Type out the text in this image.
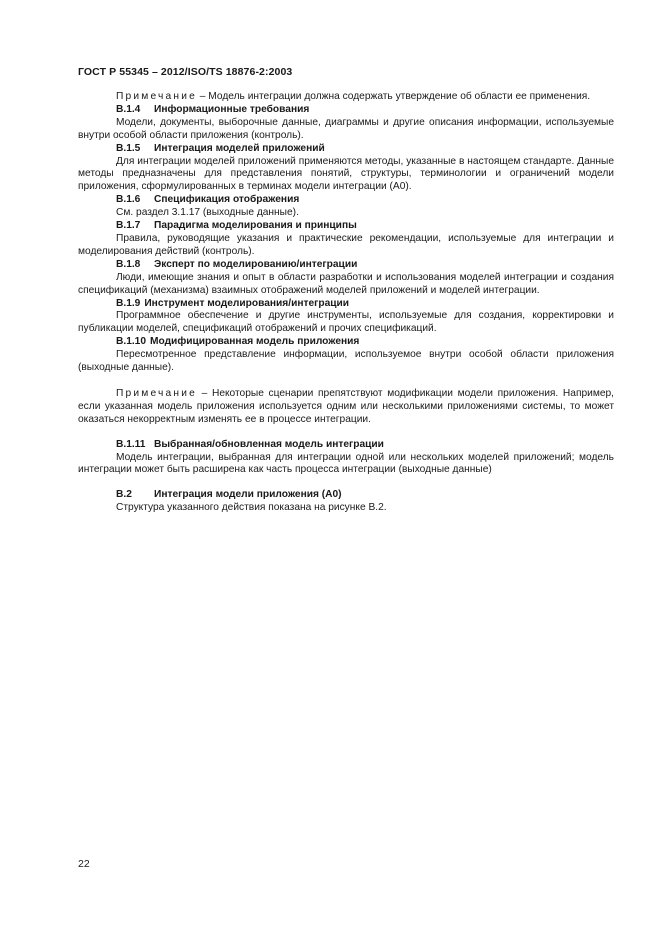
ГОСТ Р 55345 – 2012/ISO/TS 18876-2:2003

Примечание – Модель интеграции должна содержать утверждение об области ее применения.

В.1.4 Информационные требования

Модели, документы, выборочные данные, диаграммы и другие описания информации, используемые внутри особой области приложения (контроль).

В.1.5 Интеграция моделей приложений

Для интеграции моделей приложений применяются методы, указанные в настоящем стандарте. Данные методы предназначены для представления понятий, структуры, терминологии и ограничений модели приложения, сформулированных в терминах модели интеграции (А0).

В.1.6 Спецификация отображения

См. раздел 3.1.17 (выходные данные).

В.1.7 Парадигма моделирования и принципы

Правила, руководящие указания и практические рекомендации, используемые для интеграции и моделирования действий (контроль).

В.1.8 Эксперт по моделированию/интеграции

Люди, имеющие знания и опыт в области разработки и использования моделей интеграции и создания спецификаций (механизма) взаимных отображений моделей приложений и моделей интеграции.

В.1.9 Инструмент моделирования/интеграции

Программное обеспечение и другие инструменты, используемые для создания, корректировки и публикации моделей, спецификаций отображений и прочих спецификаций.

В.1.10 Модифицированная модель приложения

Пересмотренное представление информации, используемое внутри особой области приложения (выходные данные).

Примечание – Некоторые сценарии препятствуют модификации модели приложения. Например, если указанная модель приложения используется одним или несколькими приложениями системы, то может оказаться некорректным изменять ее в процессе интеграции.

В.1.11 Выбранная/обновленная модель интеграции

Модель интеграции, выбранная для интеграции одной или нескольких моделей приложений; модель интеграции может быть расширена как часть процесса интеграции (выходные данные)

В.2 Интеграция модели приложения (А0)

Структура указанного действия показана на рисунке В.2.

22
